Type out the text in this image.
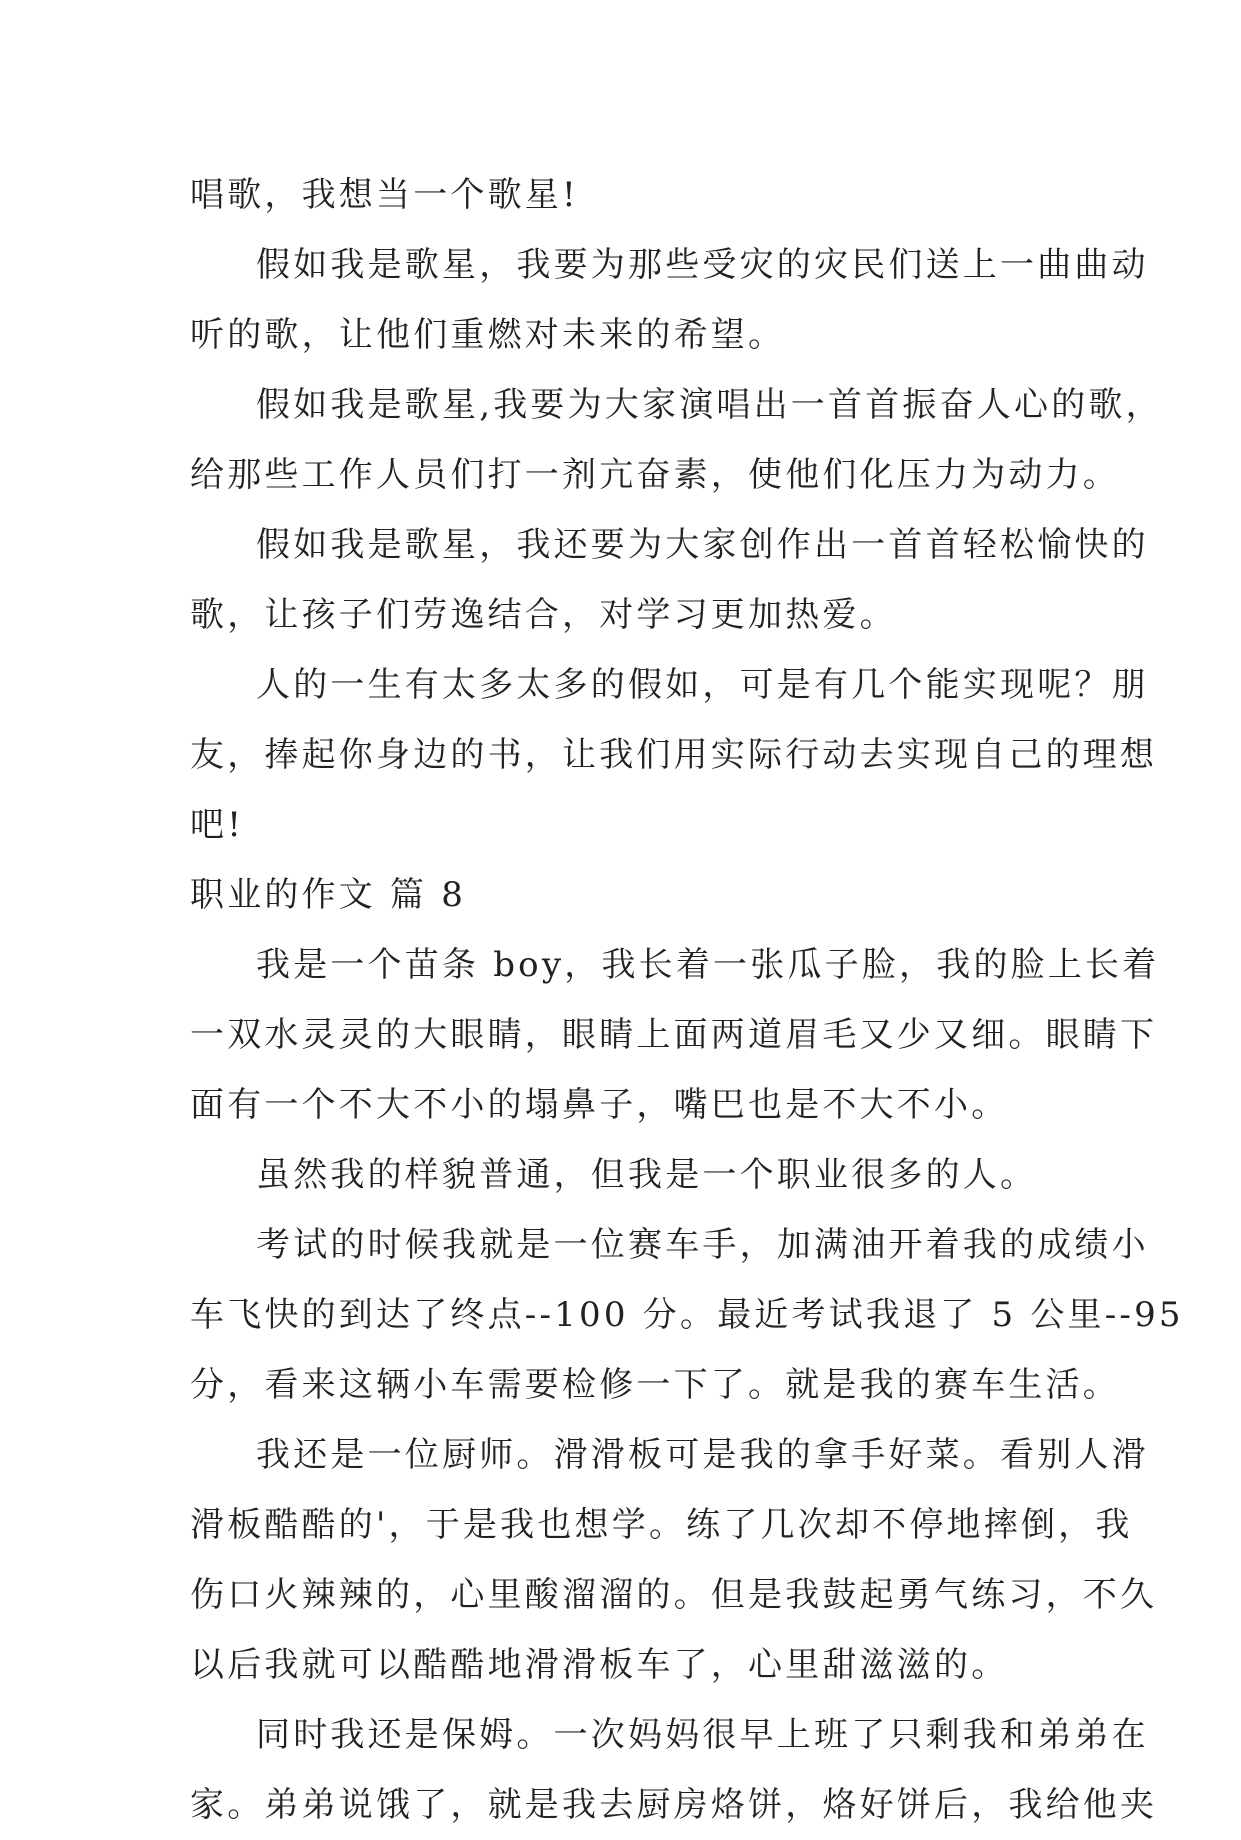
唱歌，我想当一个歌星!
假如我是歌星，我要为那些受灾的灾民们送上一曲曲动
听的歌，让他们重燃对未来的希望。
假如我是歌星,我要为大家演唱出一首首振奋人心的歌，
给那些工作人员们打一剂亢奋素，使他们化压力为动力。
假如我是歌星，我还要为大家创作出一首首轻松愉快的
歌，让孩子们劳逸结合，对学习更加热爱。
人的一生有太多太多的假如，可是有几个能实现呢？朋
友，捧起你身边的书，让我们用实际行动去实现自己的理想
吧!
职业的作文 篇 8
我是一个苗条 boy，我长着一张瓜子脸，我的脸上长着
一双水灵灵的大眼睛，眼睛上面两道眉毛又少又细。眼睛下
面有一个不大不小的塌鼻子，嘴巴也是不大不小。
虽然我的样貌普通，但我是一个职业很多的人。
考试的时候我就是一位赛车手，加满油开着我的成绩小
车飞快的到达了终点--100 分。最近考试我退了 5 公里--95
分，看来这辆小车需要检修一下了。就是我的赛车生活。
我还是一位厨师。滑滑板可是我的拿手好菜。看别人滑
滑板酷酷的'，于是我也想学。练了几次却不停地摔倒，我
伤口火辣辣的，心里酸溜溜的。但是我鼓起勇气练习，不久
以后我就可以酷酷地滑滑板车了，心里甜滋滋的。
同时我还是保姆。一次妈妈很早上班了只剩我和弟弟在
家。弟弟说饿了，就是我去厨房烙饼，烙好饼后，我给他夹
